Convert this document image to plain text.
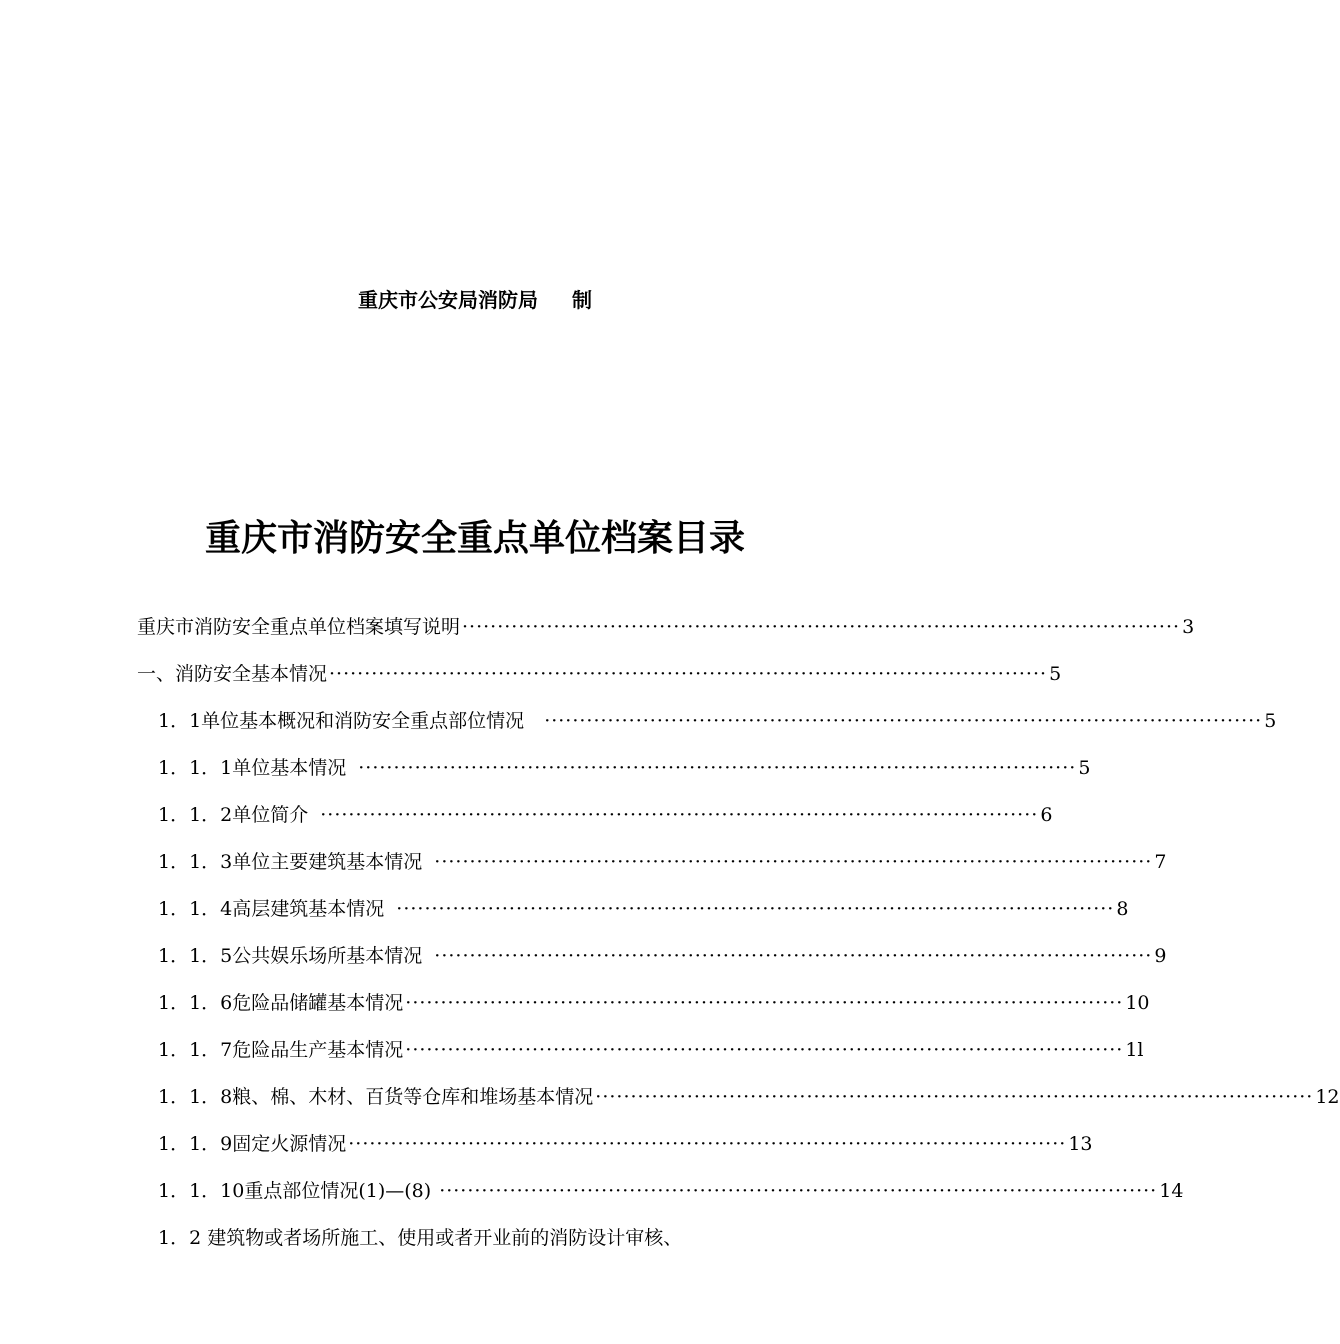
重庆市公安局消防局 制
重庆市消防安全重点单位档案目录
重庆市消防安全重点单位档案填写说明 ······································································································ 3
一、消防安全基本情况 ······································································································ 5
1．1单位基本概况和消防安全重点部位情况 ······································································································ 5
1．1．1单位基本情况 ······································································································ 5
1．1．2单位简介 ······································································································ 6
1．1．3单位主要建筑基本情况 ······································································································ 7
1．1．4高层建筑基本情况 ······································································································ 8
1．1．5公共娱乐场所基本情况 ······································································································ 9
1．1．6危险品储罐基本情况 ······································································································ 10
1．1．7危险品生产基本情况 ······································································································ 1l
1．1．8粮、棉、木材、百货等仓库和堆场基本情况 ······································································································ 12
1．1．9固定火源情况 ······································································································ 13
1．1．10重点部位情况(1)—(8) ······································································································ 14
1．2 建筑物或者场所施工、使用或者开业前的消防设计审核、
